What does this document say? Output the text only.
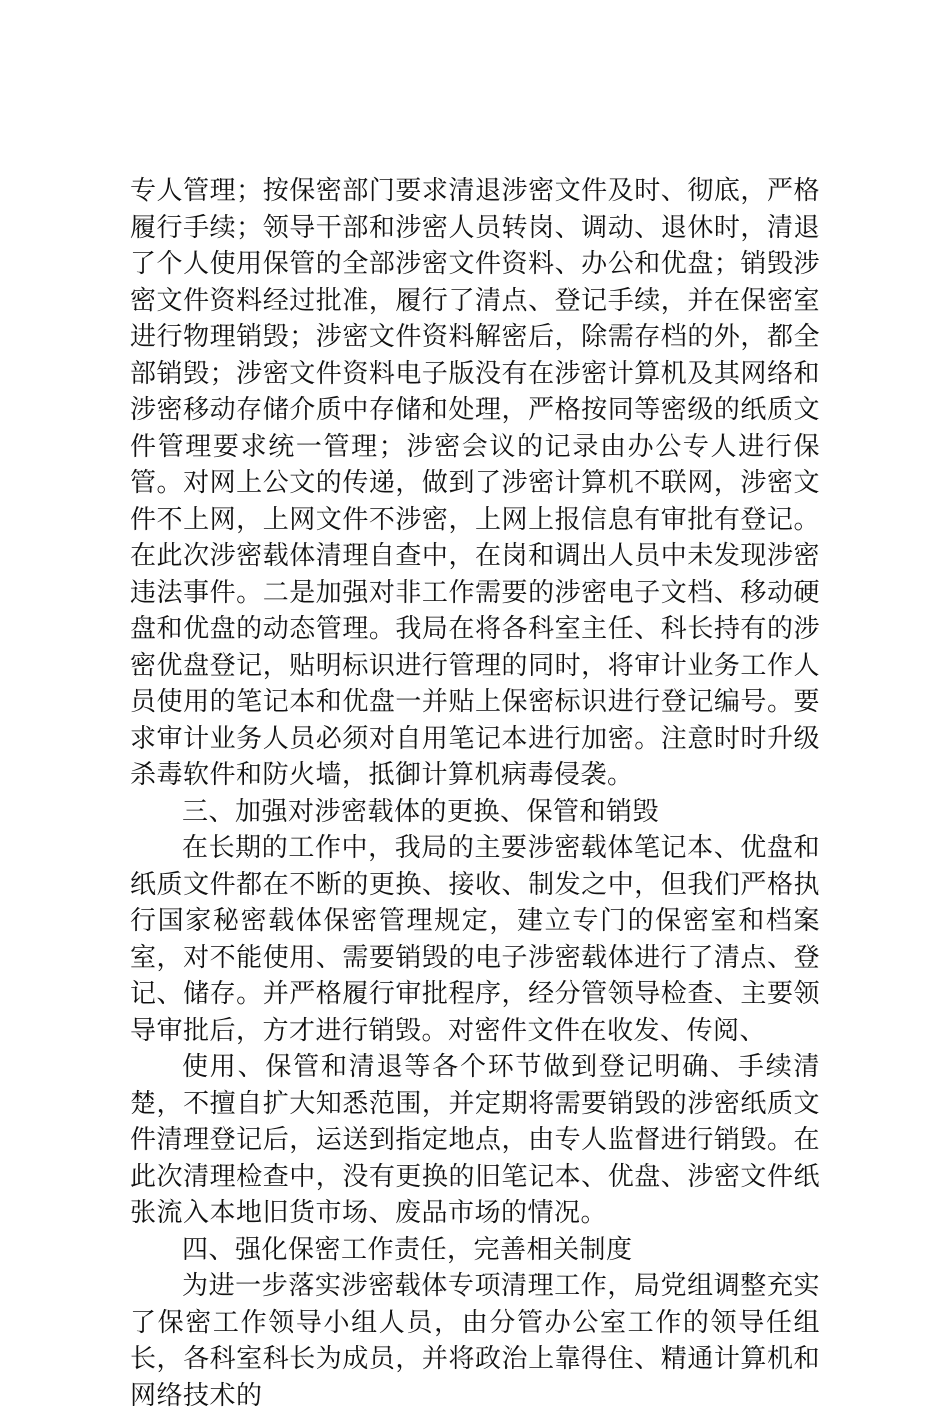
专人管理；按保密部门要求清退涉密文件及时、彻底，严格履行手续；领导干部和涉密人员转岗、调动、退休时，清退了个人使用保管的全部涉密文件资料、办公和优盘；销毁涉密文件资料经过批准，履行了清点、登记手续，并在保密室进行物理销毁；涉密文件资料解密后，除需存档的外，都全部销毁；涉密文件资料电子版没有在涉密计算机及其网络和涉密移动存储介质中存储和处理，严格按同等密级的纸质文件管理要求统一管理；涉密会议的记录由办公专人进行保管。对网上公文的传递，做到了涉密计算机不联网，涉密文件不上网，上网文件不涉密，上网上报信息有审批有登记。在此次涉密载体清理自查中，在岗和调出人员中未发现涉密违法事件。二是加强对非工作需要的涉密电子文档、移动硬盘和优盘的动态管理。我局在将各科室主任、科长持有的涉密优盘登记，贴明标识进行管理的同时，将审计业务工作人员使用的笔记本和优盘一并贴上保密标识进行登记编号。要求审计业务人员必须对自用笔记本进行加密。注意时时升级杀毒软件和防火墙，抵御计算机病毒侵袭。

三、加强对涉密载体的更换、保管和销毁

在长期的工作中，我局的主要涉密载体笔记本、优盘和纸质文件都在不断的更换、接收、制发之中，但我们严格执行国家秘密载体保密管理规定，建立专门的保密室和档案室，对不能使用、需要销毁的电子涉密载体进行了清点、登记、储存。并严格履行审批程序，经分管领导检查、主要领导审批后，方才进行销毁。对密件文件在收发、传阅、

使用、保管和清退等各个环节做到登记明确、手续清楚，不擅自扩大知悉范围，并定期将需要销毁的涉密纸质文件清理登记后，运送到指定地点，由专人监督进行销毁。在此次清理检查中，没有更换的旧笔记本、优盘、涉密文件纸张流入本地旧货市场、废品市场的情况。

四、强化保密工作责任，完善相关制度

为进一步落实涉密载体专项清理工作，局党组调整充实了保密工作领导小组人员，由分管办公室工作的领导任组长，各科室科长为成员，并将政治上靠得住、精通计算机和网络技术的
